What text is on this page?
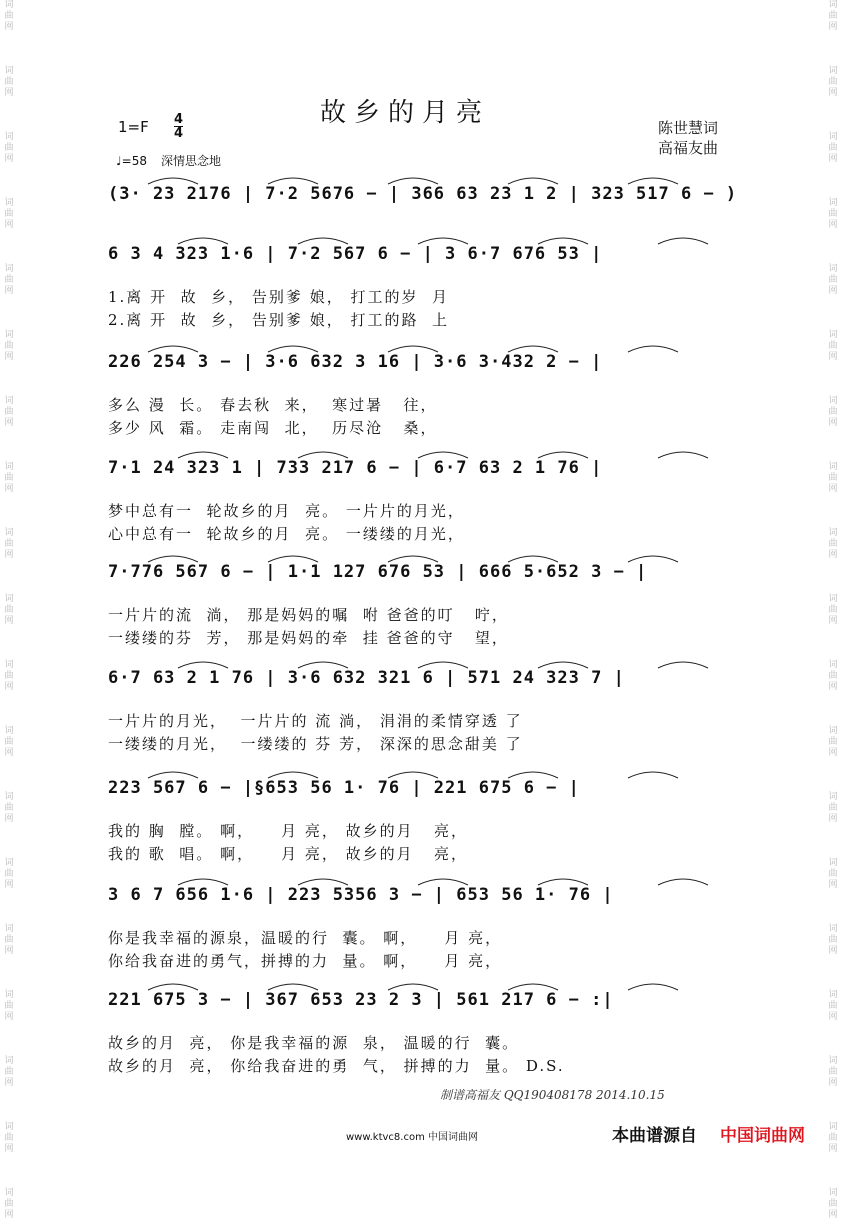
词曲网
词曲网
词曲网
词曲网
词曲网
词曲网
词曲网
词曲网
词曲网
词曲网
词曲网
词曲网
词曲网
词曲网
词曲网
词曲网
词曲网
词曲网
词曲网
词曲网
词曲网
词曲网
词曲网
词曲网
词曲网
词曲网
词曲网
词曲网
词曲网
词曲网
词曲网
词曲网
词曲网
词曲网
词曲网
词曲网
词曲网
词曲网
故乡的月亮
1=F 4
4
♩=58 深情思念地
陈世慧词
高福友曲
(3· 23 2176 | 7·2 5676 − | 366 63 23 1 2 | 323 517 6 − )
6 3 4 323 1·6 | 7·2 567 6 − | 3 6·7 676 53 |
1.离 开  故  乡， 告别爹 娘， 打工的岁  月
2.离 开  故  乡， 告别爹 娘， 打工的路  上
226 254 3 − | 3·6 632 3 16 | 3·6 3·432 2 − |
多么 漫  长。 春去秋  来，  寒过暑   往，
多少 风  霜。 走南闯  北，  历尽沧   桑，
7·1 24 323 1 | 733 217 6 − | 6·7 63 2 1 76 |
梦中总有一  轮故乡的月  亮。 一片片的月光，
心中总有一  轮故乡的月  亮。 一缕缕的月光，
7·776 567 6 − | 1·1 127 676 53 | 666 5·652 3 − |
一片片的流  淌， 那是妈妈的嘱  咐 爸爸的叮   咛，
一缕缕的芬  芳， 那是妈妈的牵  挂 爸爸的守   望，
6·7 63 2 1 76 | 3·6 632 321 6 | 571 24 323 7 |
一片片的月光，  一片片的 流 淌， 涓涓的柔情穿透 了
一缕缕的月光，  一缕缕的 芬 芳， 深深的思念甜美 了
223 567 6 − |§653 56 1· 76 | 221 675 6 − |
我的 胸  膛。 啊，    月 亮， 故乡的月   亮，
我的 歌  唱。 啊，    月 亮， 故乡的月   亮，
3 6 7 656 1·6 | 223 5356 3 − | 653 56 1· 76 |
你是我幸福的源泉，温暖的行  囊。 啊，    月 亮，
你给我奋进的勇气，拼搏的力  量。 啊，    月 亮，
221 675 3 − | 367 653 23 2 3 | 561 217 6 − :|
故乡的月  亮， 你是我幸福的源  泉， 温暖的行  囊。
故乡的月  亮， 你给我奋进的勇  气， 拼搏的力  量。 D.S.
制谱高福友 QQ190408178 2014.10.15
www.ktvc8.com 中国词曲网	本曲谱源自 中国词曲网
